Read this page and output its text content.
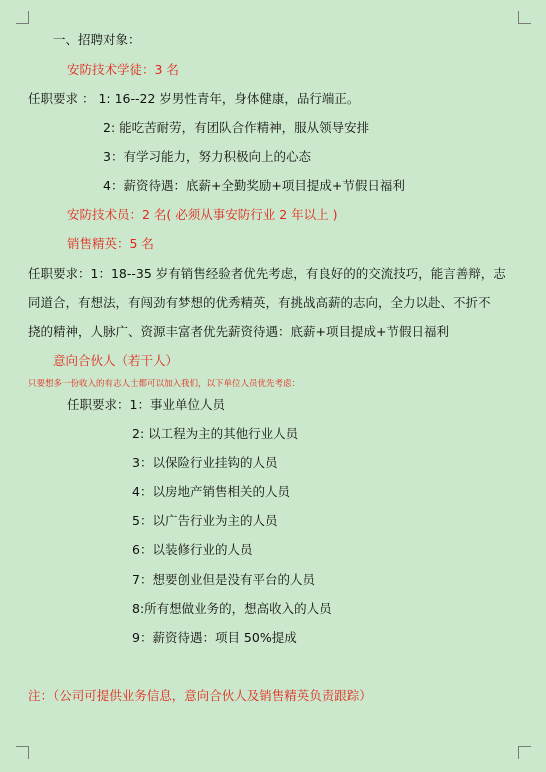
一、招聘对象：
安防技术学徒：3 名
任职要求 ： 1: 16--22 岁男性青年，身体健康，品行端正。
2: 能吃苦耐劳，有团队合作精神，服从领导安排
3：有学习能力，努力积极向上的心态
4：薪资待遇：底薪+全勤奖励+项目提成+节假日福利
安防技术员：2 名( 必须从事安防行业 2 年以上 )
销售精英：5 名
任职要求：1：18--35 岁有销售经验者优先考虑，有良好的的交流技巧，能言善辩，志
同道合，有想法，有闯劲有梦想的优秀精英，有挑战高薪的志向，全力以赴、不折不
挠的精神，人脉广、资源丰富者优先薪资待遇：底薪+项目提成+节假日福利
意向合伙人（若干人）
只要想多一份收入的有志人士都可以加入我们，以下单位人员优先考虑：
任职要求：1：事业单位人员
2: 以工程为主的其他行业人员
3：以保险行业挂钩的人员
4：以房地产销售相关的人员
5：以广告行业为主的人员
6：以装修行业的人员
7：想要创业但是没有平台的人员
8:所有想做业务的，想高收入的人员
9：薪资待遇：项目 50%提成
注：（公司可提供业务信息，意向合伙人及销售精英负责跟踪）
